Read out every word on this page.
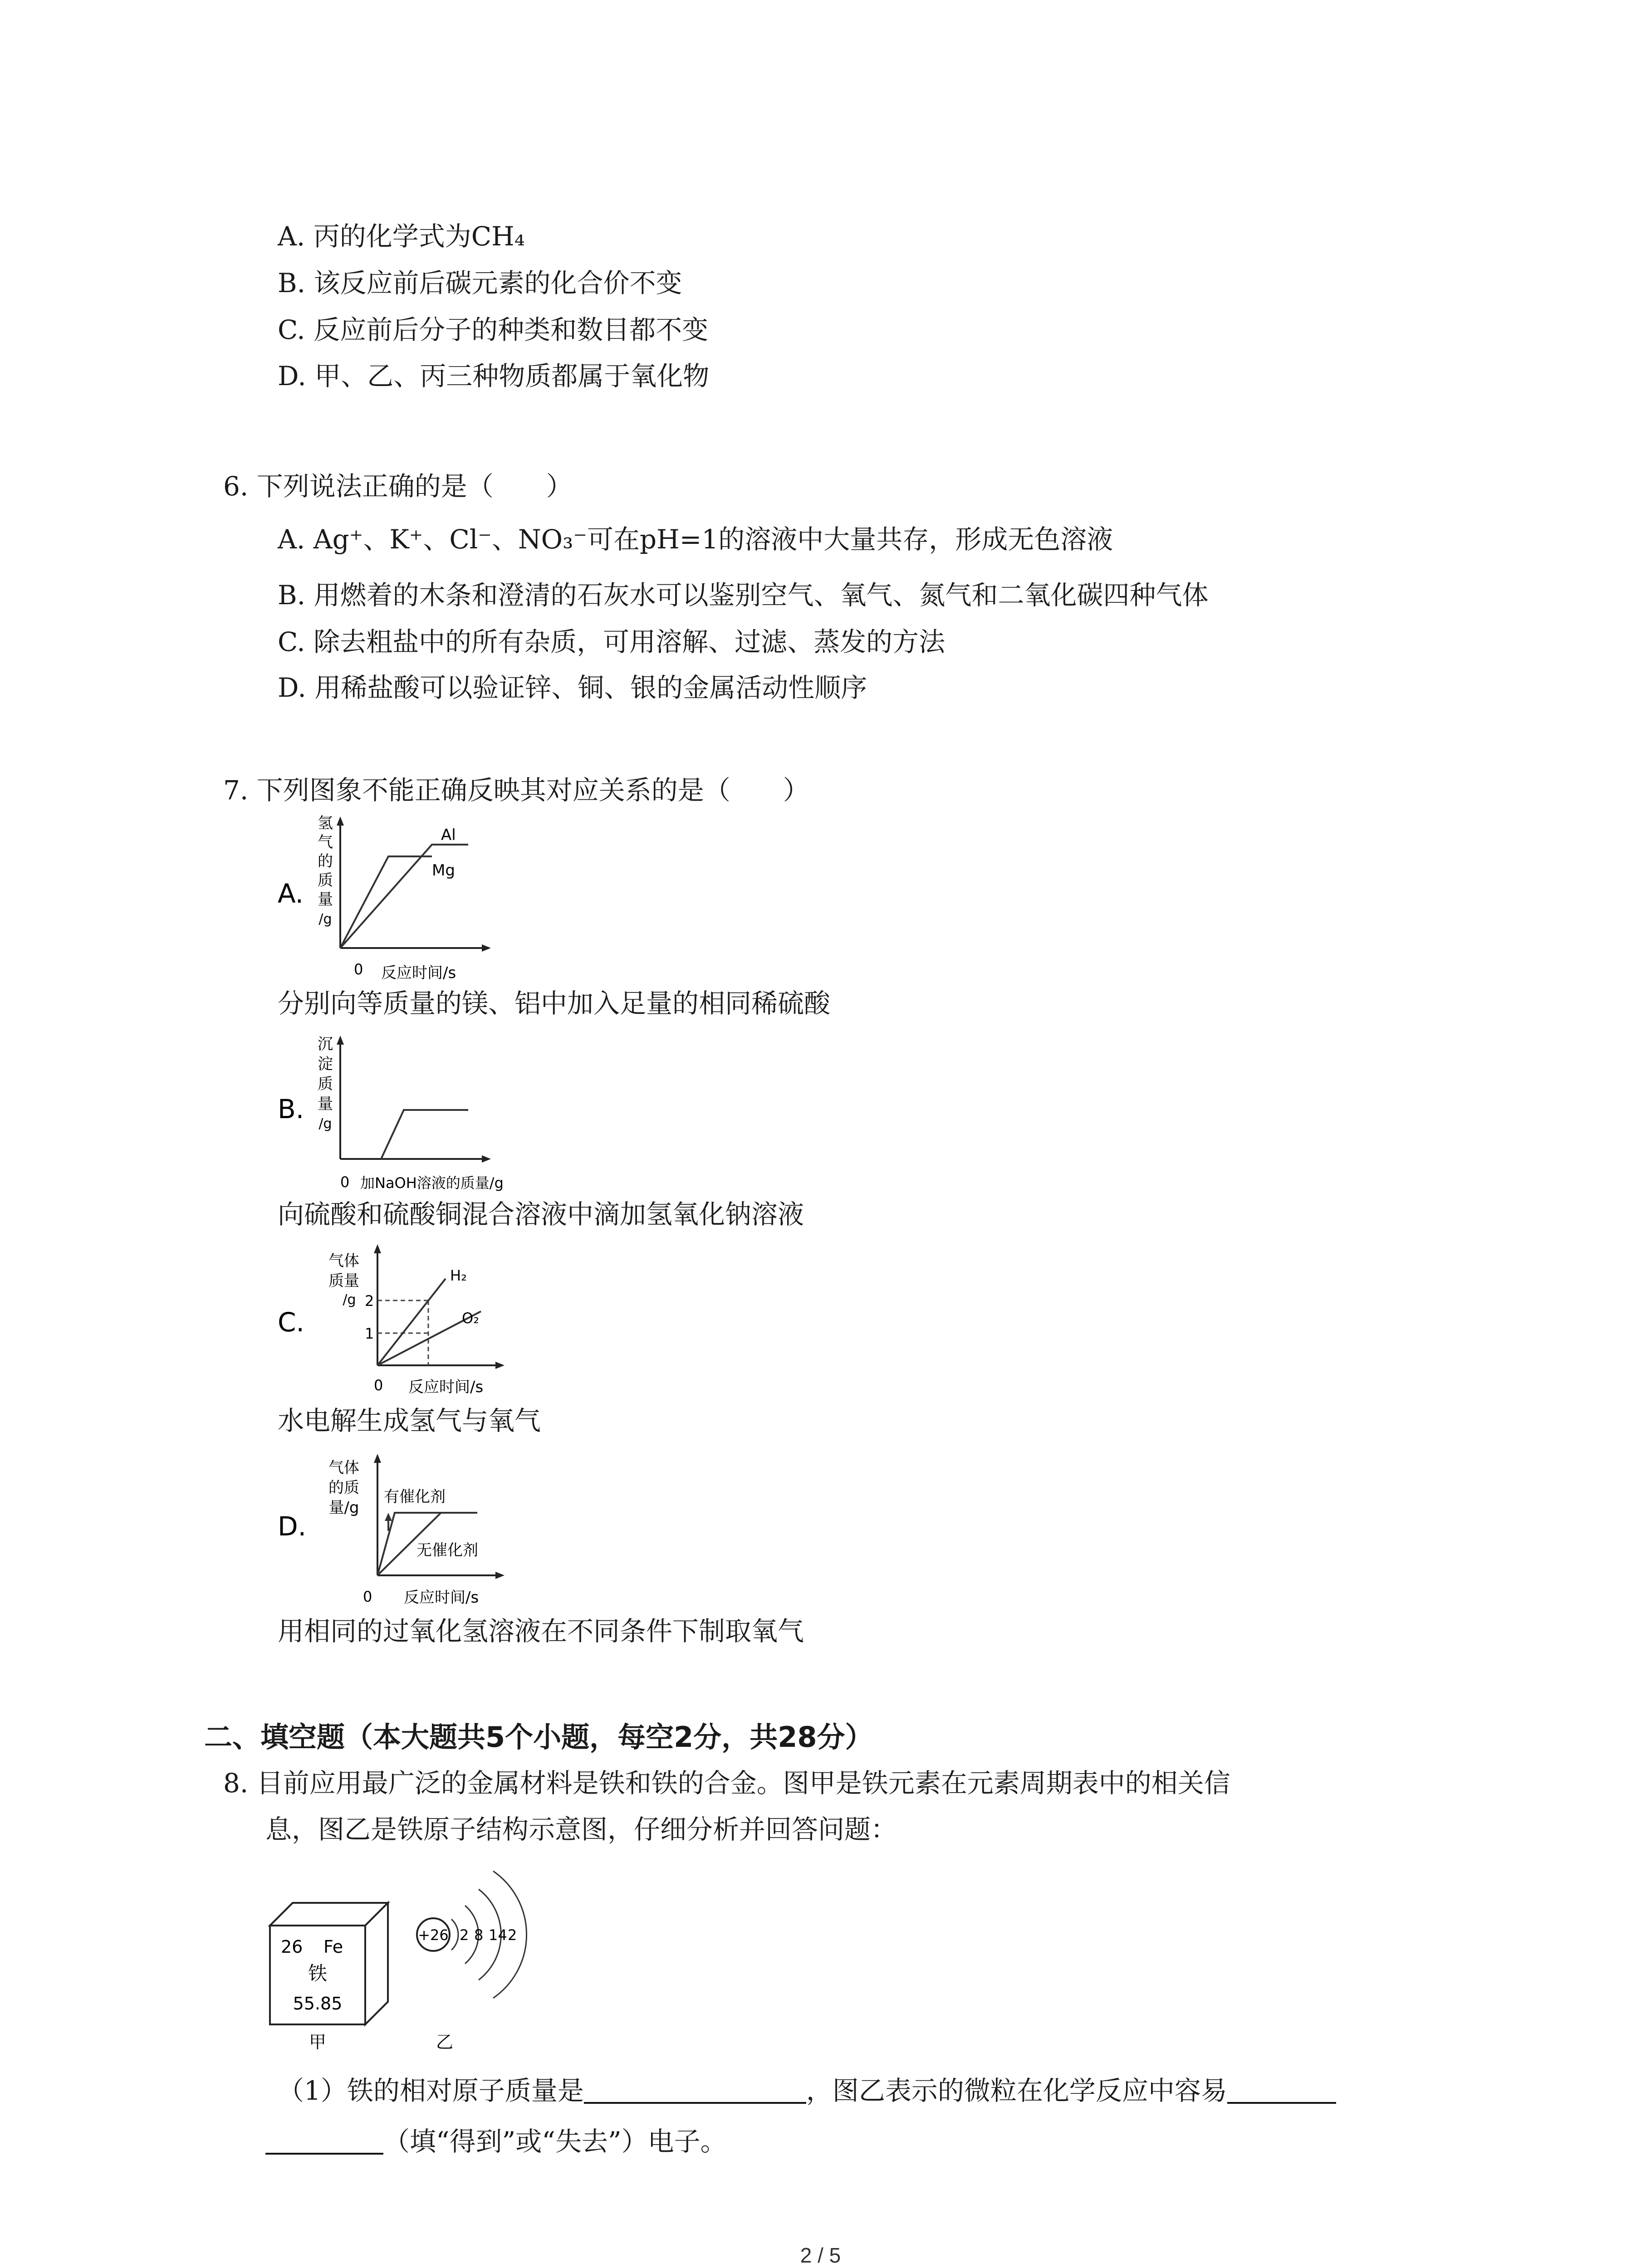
A. 丙的化学式为CH₄
B. 该反应前后碳元素的化合价不变
C. 反应前后分子的种类和数目都不变
D. 甲、乙、丙三种物质都属于氧化物
6. 下列说法正确的是（　　）
A. Ag⁺、K⁺、Cl⁻、NO₃⁻可在pH=1的溶液中大量共存，形成无色溶液
B. 用燃着的木条和澄清的石灰水可以鉴别空气、氧气、氮气和二氧化碳四种气体
C. 除去粗盐中的所有杂质，可用溶解、过滤、蒸发的方法
D. 用稀盐酸可以验证锌、铜、银的金属活动性顺序
7. 下列图象不能正确反映其对应关系的是（　　）
A.
氢
气
的
质
量
/g
Al
Mg
0 反应时间/s
分别向等质量的镁、铝中加入足量的相同稀硫酸
B.
沉
淀
质
量
/g
0 加NaOH溶液的质量/g
向硫酸和硫酸铜混合溶液中滴加氢氧化钠溶液
C.
气体
质量
/g 2
1
H₂
O₂
0 反应时间/s
水电解生成氢气与氧气
D.
气体
的质
量/g
有催化剂
无催化剂
0 反应时间/s
用相同的过氧化氢溶液在不同条件下制取氧气
二、填空题（本大题共5个小题，每空2分，共28分）
8. 目前应用最广泛的金属材料是铁和铁的合金。图甲是铁元素在元素周期表中的相关信
息，图乙是铁原子结构示意图，仔细分析并回答问题：
26 Fe
铁
55.85
甲
+26 2 8 14 2
乙
（1）铁的相对原子质量是	，图乙表示的微粒在化学反应中容易
（填“得到”或“失去”）电子。
2 / 5
